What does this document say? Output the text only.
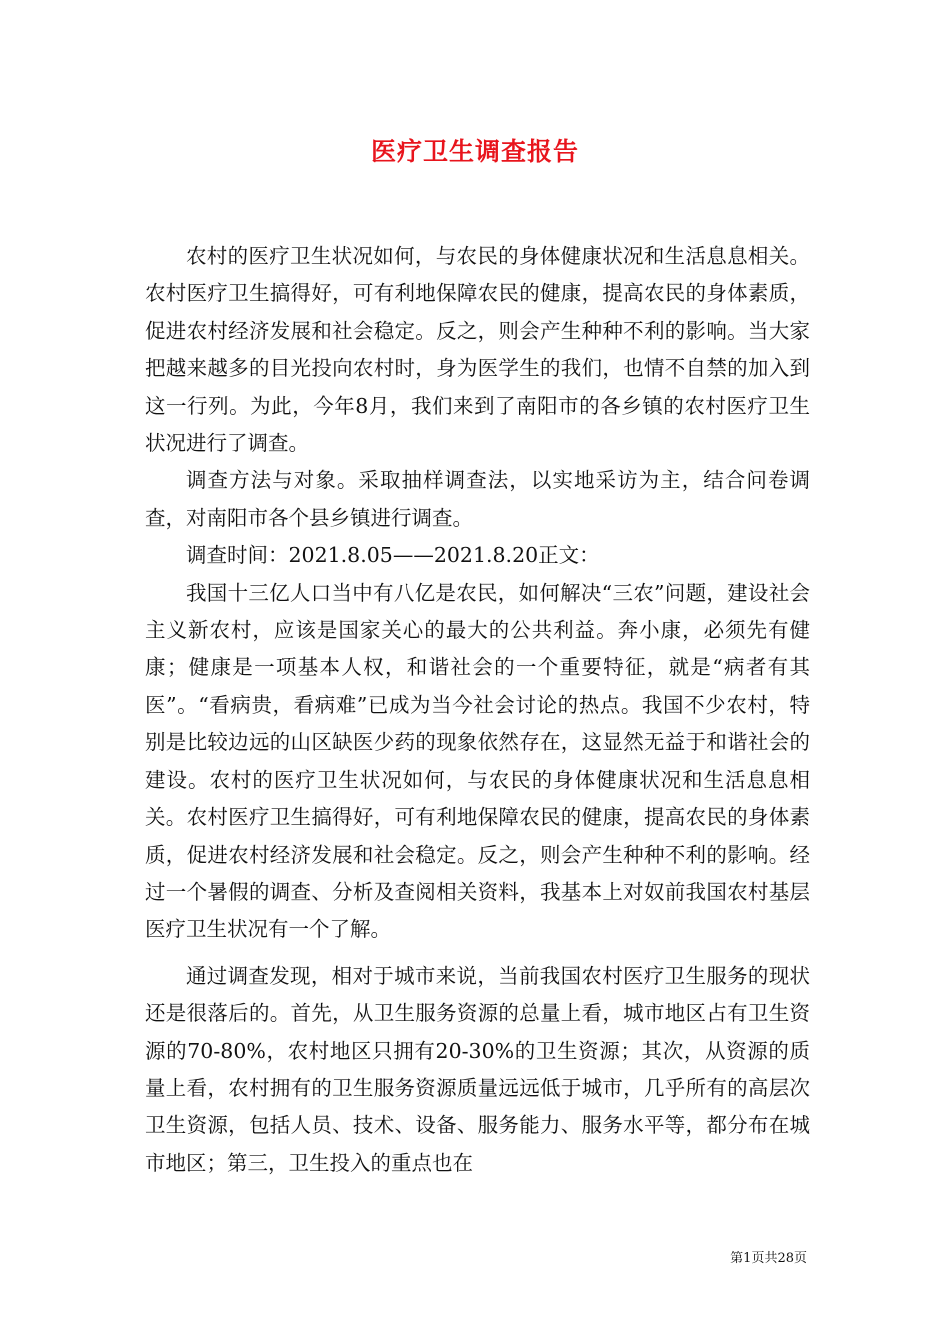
医疗卫生调查报告

农村的医疗卫生状况如何，与农民的身体健康状况和生活息息相关。农村医疗卫生搞得好，可有利地保障农民的健康，提高农民的身体素质，促进农村经济发展和社会稳定。反之，则会产生种种不利的影响。当大家把越来越多的目光投向农村时，身为医学生的我们，也情不自禁的加入到这一行列。为此，今年8月，我们来到了南阳市的各乡镇的农村医疗卫生状况进行了调查。

调查方法与对象。采取抽样调查法，以实地采访为主，结合问卷调查，对南阳市各个县乡镇进行调查。

调查时间：2021.8.05——2021.8.20正文：

我国十三亿人口当中有八亿是农民，如何解决“三农”问题，建设社会主义新农村，应该是国家关心的最大的公共利益。奔小康，必须先有健康；健康是一项基本人权，和谐社会的一个重要特征，就是“病者有其医”。“看病贵，看病难”已成为当今社会讨论的热点。我国不少农村，特别是比较边远的山区缺医少药的现象依然存在，这显然无益于和谐社会的建设。农村的医疗卫生状况如何，与农民的身体健康状况和生活息息相关。农村医疗卫生搞得好，可有利地保障农民的健康，提高农民的身体素质，促进农村经济发展和社会稳定。反之，则会产生种种不利的影响。经过一个暑假的调查、分析及查阅相关资料，我基本上对奴前我国农村基层医疗卫生状况有一个了解。

通过调查发现，相对于城市来说，当前我国农村医疗卫生服务的现状还是很落后的。首先，从卫生服务资源的总量上看，城市地区占有卫生资源的70-80%，农村地区只拥有20-30%的卫生资源；其次，从资源的质量上看，农村拥有的卫生服务资源质量远远低于城市，几乎所有的高层次卫生资源，包括人员、技术、设备、服务能力、服务水平等，都分布在城市地区；第三，卫生投入的重点也在

第1页共28页
